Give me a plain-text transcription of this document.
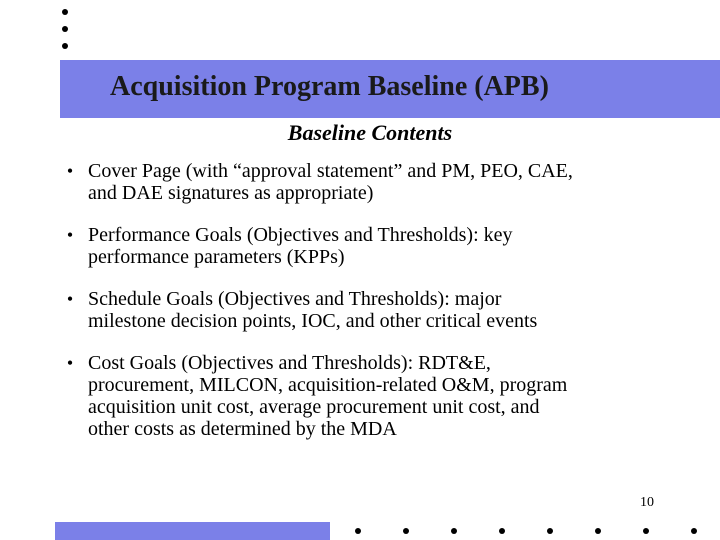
Acquisition Program Baseline (APB)
Baseline Contents
• Cover Page (with “approval statement” and PM, PEO, CAE,
and DAE signatures as appropriate)
• Performance Goals (Objectives and Thresholds): key
performance parameters (KPPs)
• Schedule Goals (Objectives and Thresholds): major
milestone decision points, IOC, and other critical events
• Cost Goals (Objectives and Thresholds): RDT&E,
procurement, MILCON, acquisition-related O&M, program
acquisition unit cost, average procurement unit cost, and
other costs as determined by the MDA
10
